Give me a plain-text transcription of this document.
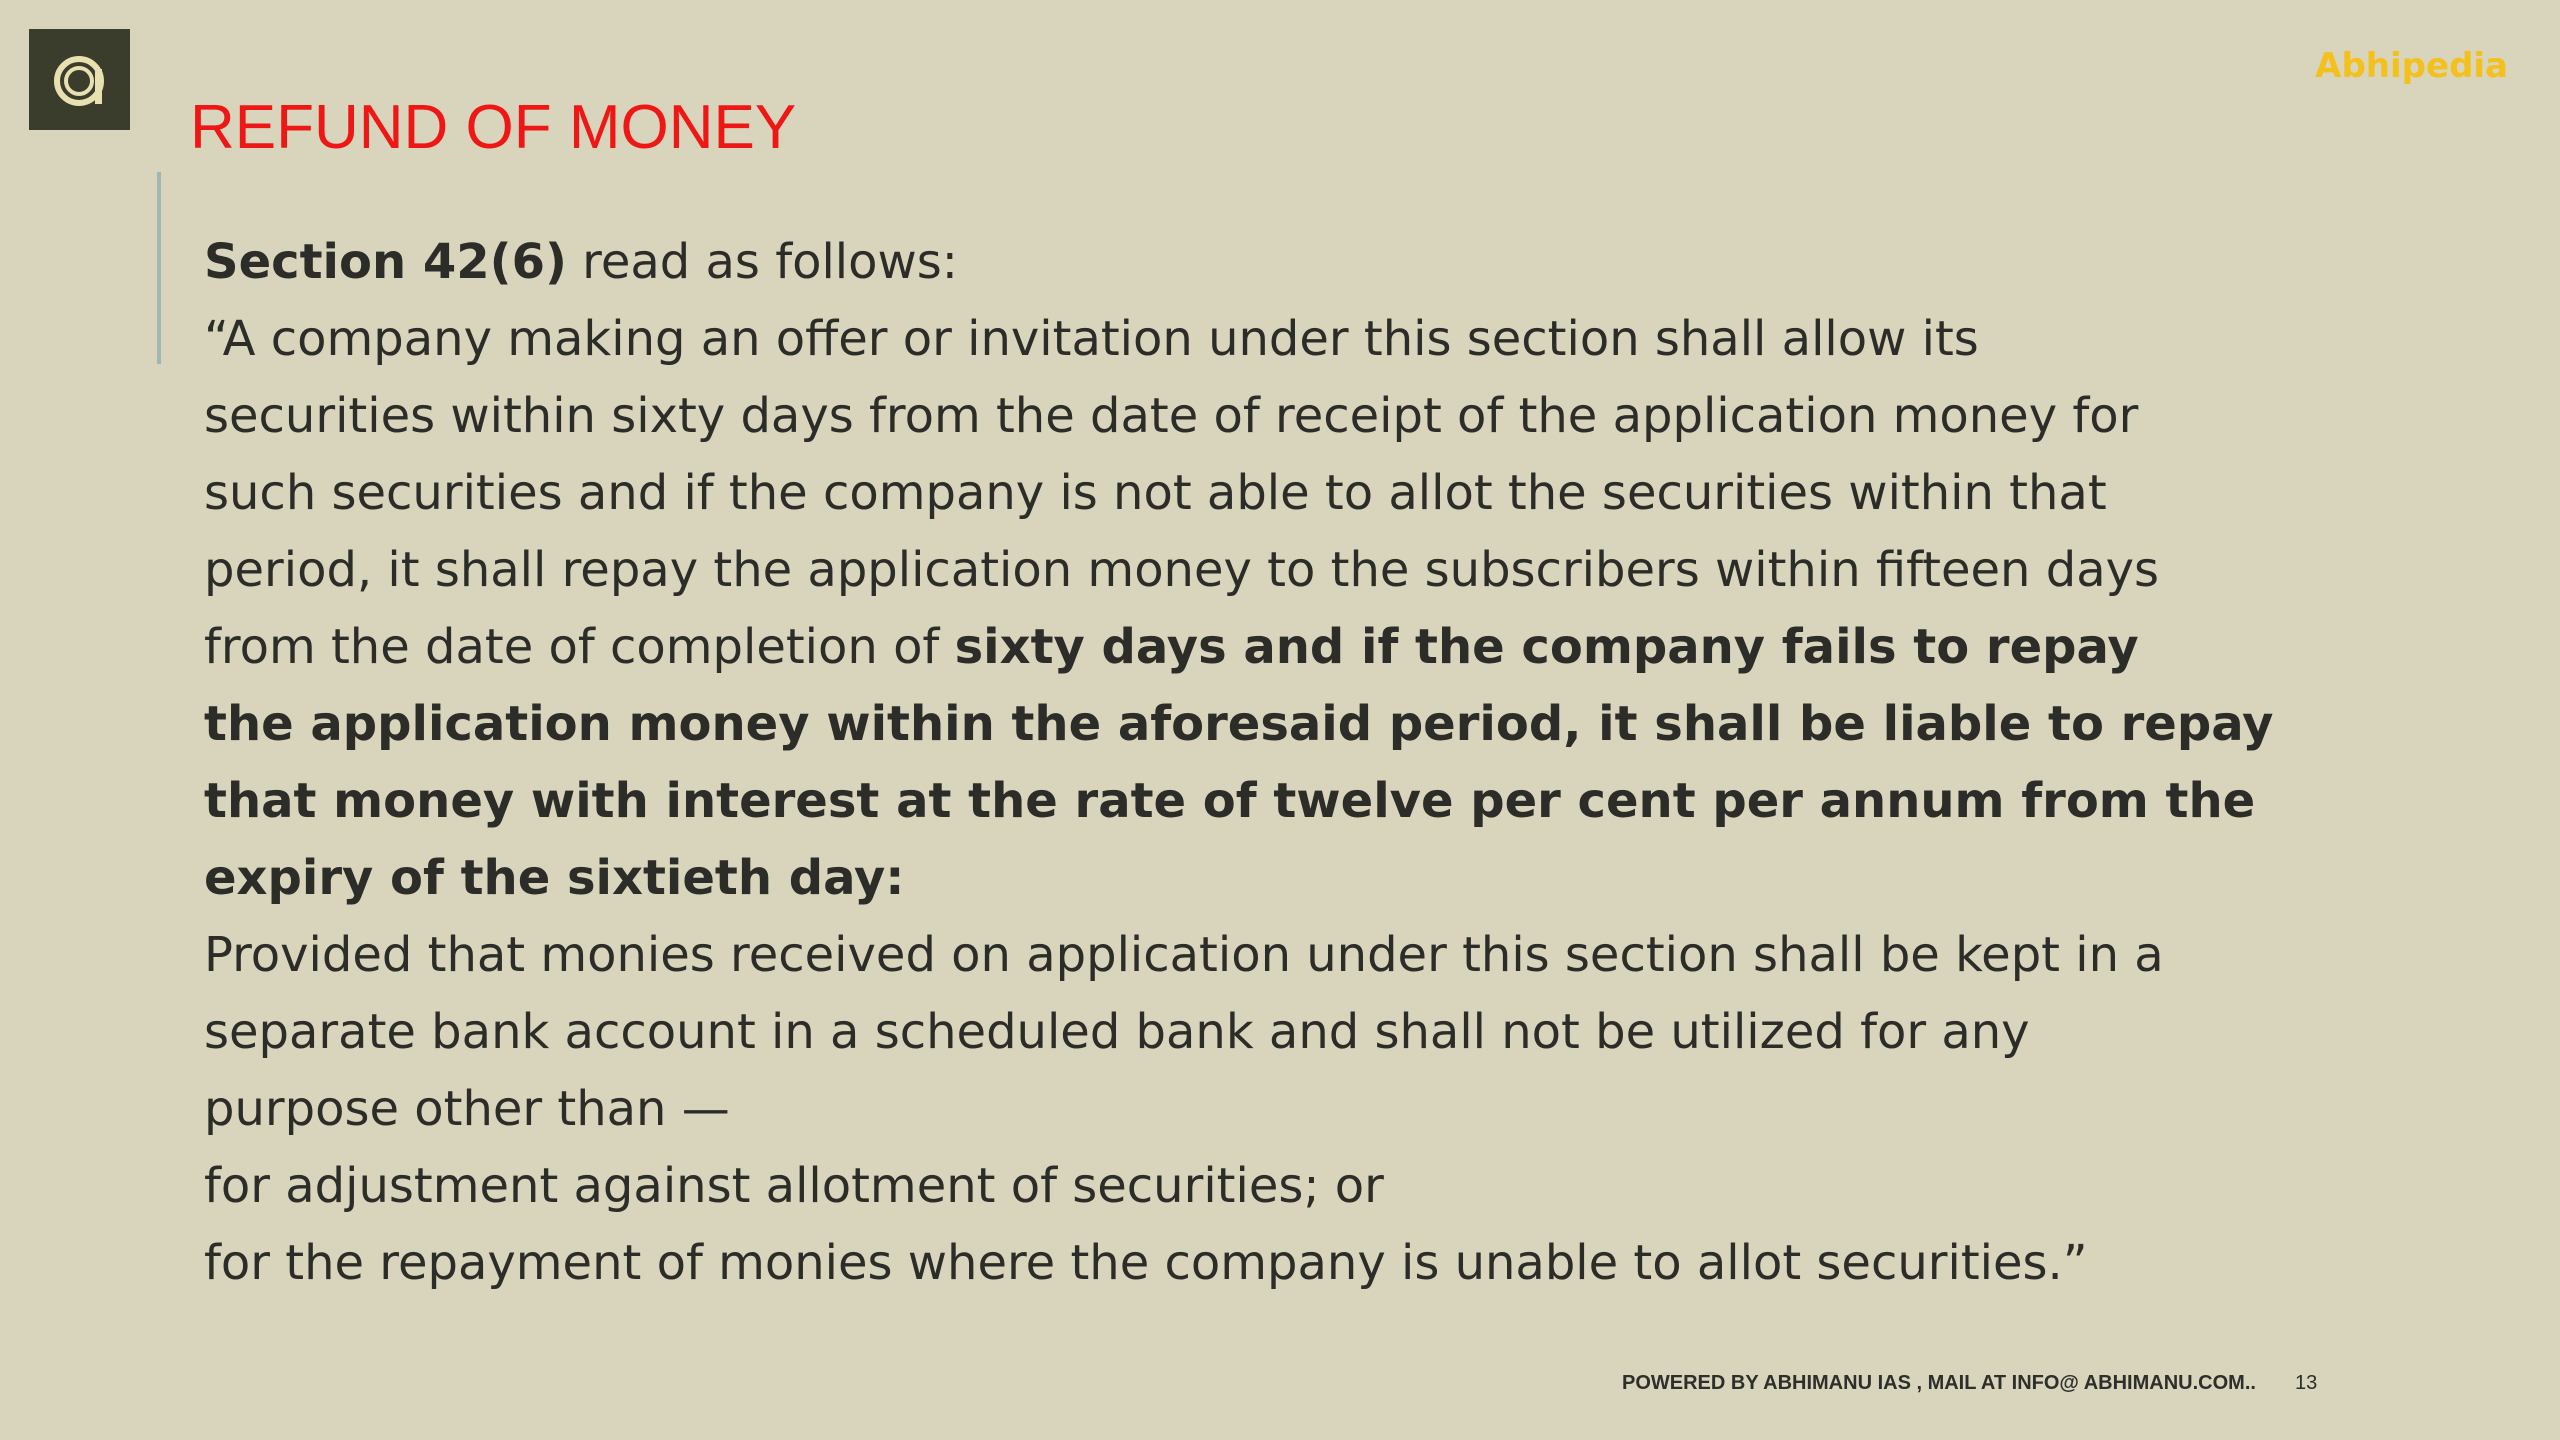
Abhipedia
REFUND OF MONEY
Section 42(6) read as follows:
“A company making an offer or invitation under this section shall allow its
securities within sixty days from the date of receipt of the application money for
such securities and if the company is not able to allot the securities within that
period, it shall repay the application money to the subscribers within fifteen days
from the date of completion of sixty days and if the company fails to repay
the application money within the aforesaid period, it shall be liable to repay
that money with interest at the rate of twelve per cent per annum from the
expiry of the sixtieth day:
Provided that monies received on application under this section shall be kept in a
separate bank account in a scheduled bank and shall not be utilized for any
purpose other than —
for adjustment against allotment of securities; or
for the repayment of monies where the company is unable to allot securities.”
POWERED BY ABHIMANU IAS , MAIL AT INFO@ ABHIMANU.COM.. 13
